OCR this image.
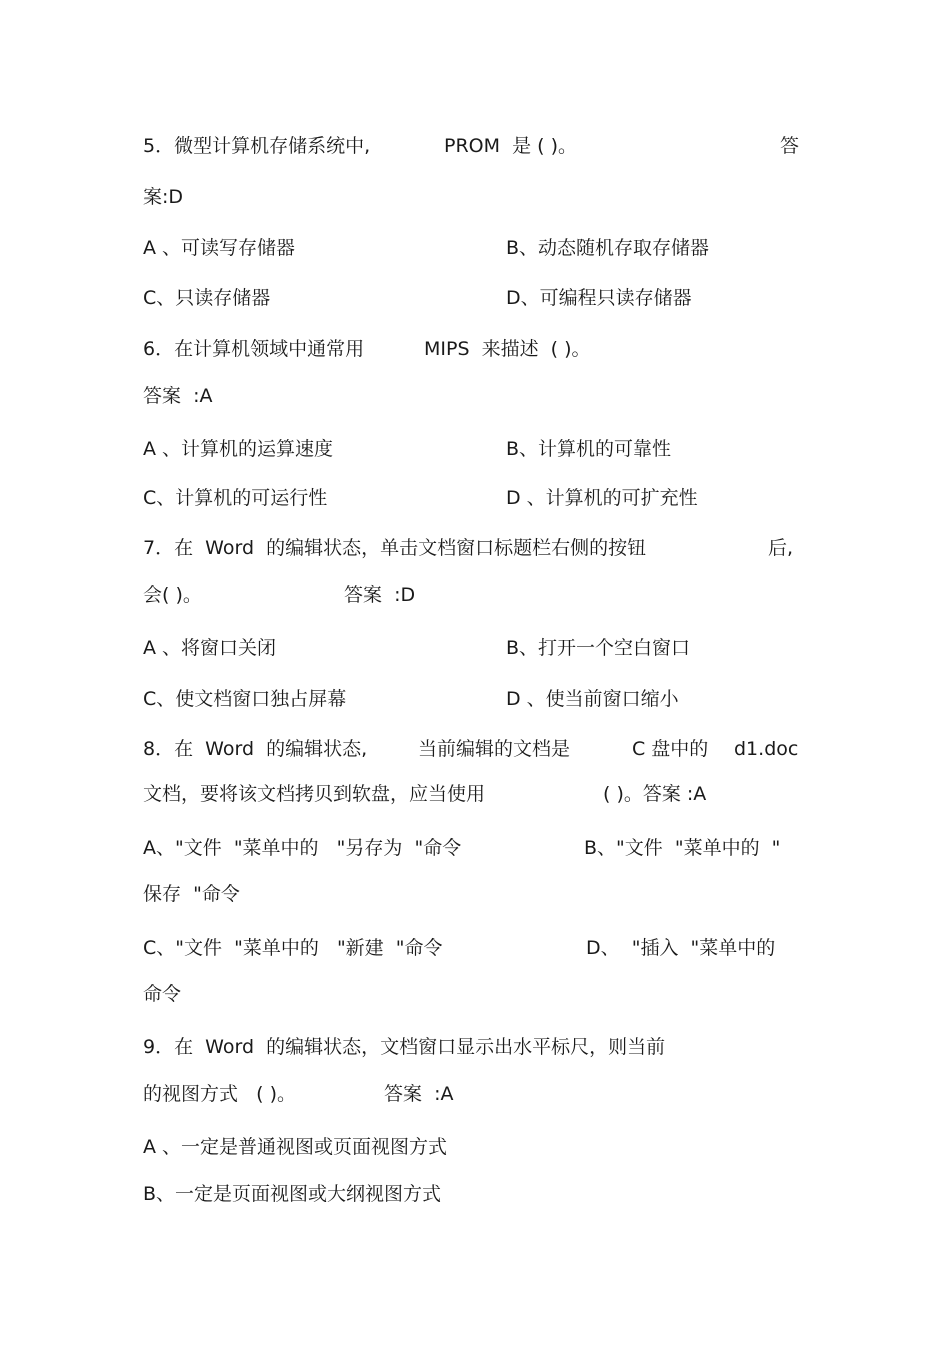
5．微型计算机存储系统中,	PROM  是 ( )。	答
案:D
A 、可读写存储器	B、动态随机存取存储器
C、只读存储器	D、可编程只读存储器
6．在计算机领域中通常用	MIPS  来描述  ( )。
答案  :A
A 、计算机的运算速度	B、计算机的可靠性
C、计算机的可运行性	D 、计算机的可扩充性
7．在  Word  的编辑状态，单击文档窗口标题栏右侧的按钮	后,
会( )。	答案  :D
A 、将窗口关闭	B、打开一个空白窗口
C、使文档窗口独占屏幕	D 、使当前窗口缩小
8．在  Word  的编辑状态,	当前编辑的文档是	C 盘中的 d1.doc
文档，要将该文档拷贝到软盘，应当使用	( )。答案 :A
A、"文件  "菜单中的   "另存为  "命令	B、"文件  "菜单中的  "
保存  "命令
C、"文件  "菜单中的   "新建  "命令	D、  "插入  "菜单中的
命令
9．在  Word  的编辑状态，文档窗口显示出水平标尺，则当前
的视图方式   ( )。	答案  :A
A 、一定是普通视图或页面视图方式
B、一定是页面视图或大纲视图方式
